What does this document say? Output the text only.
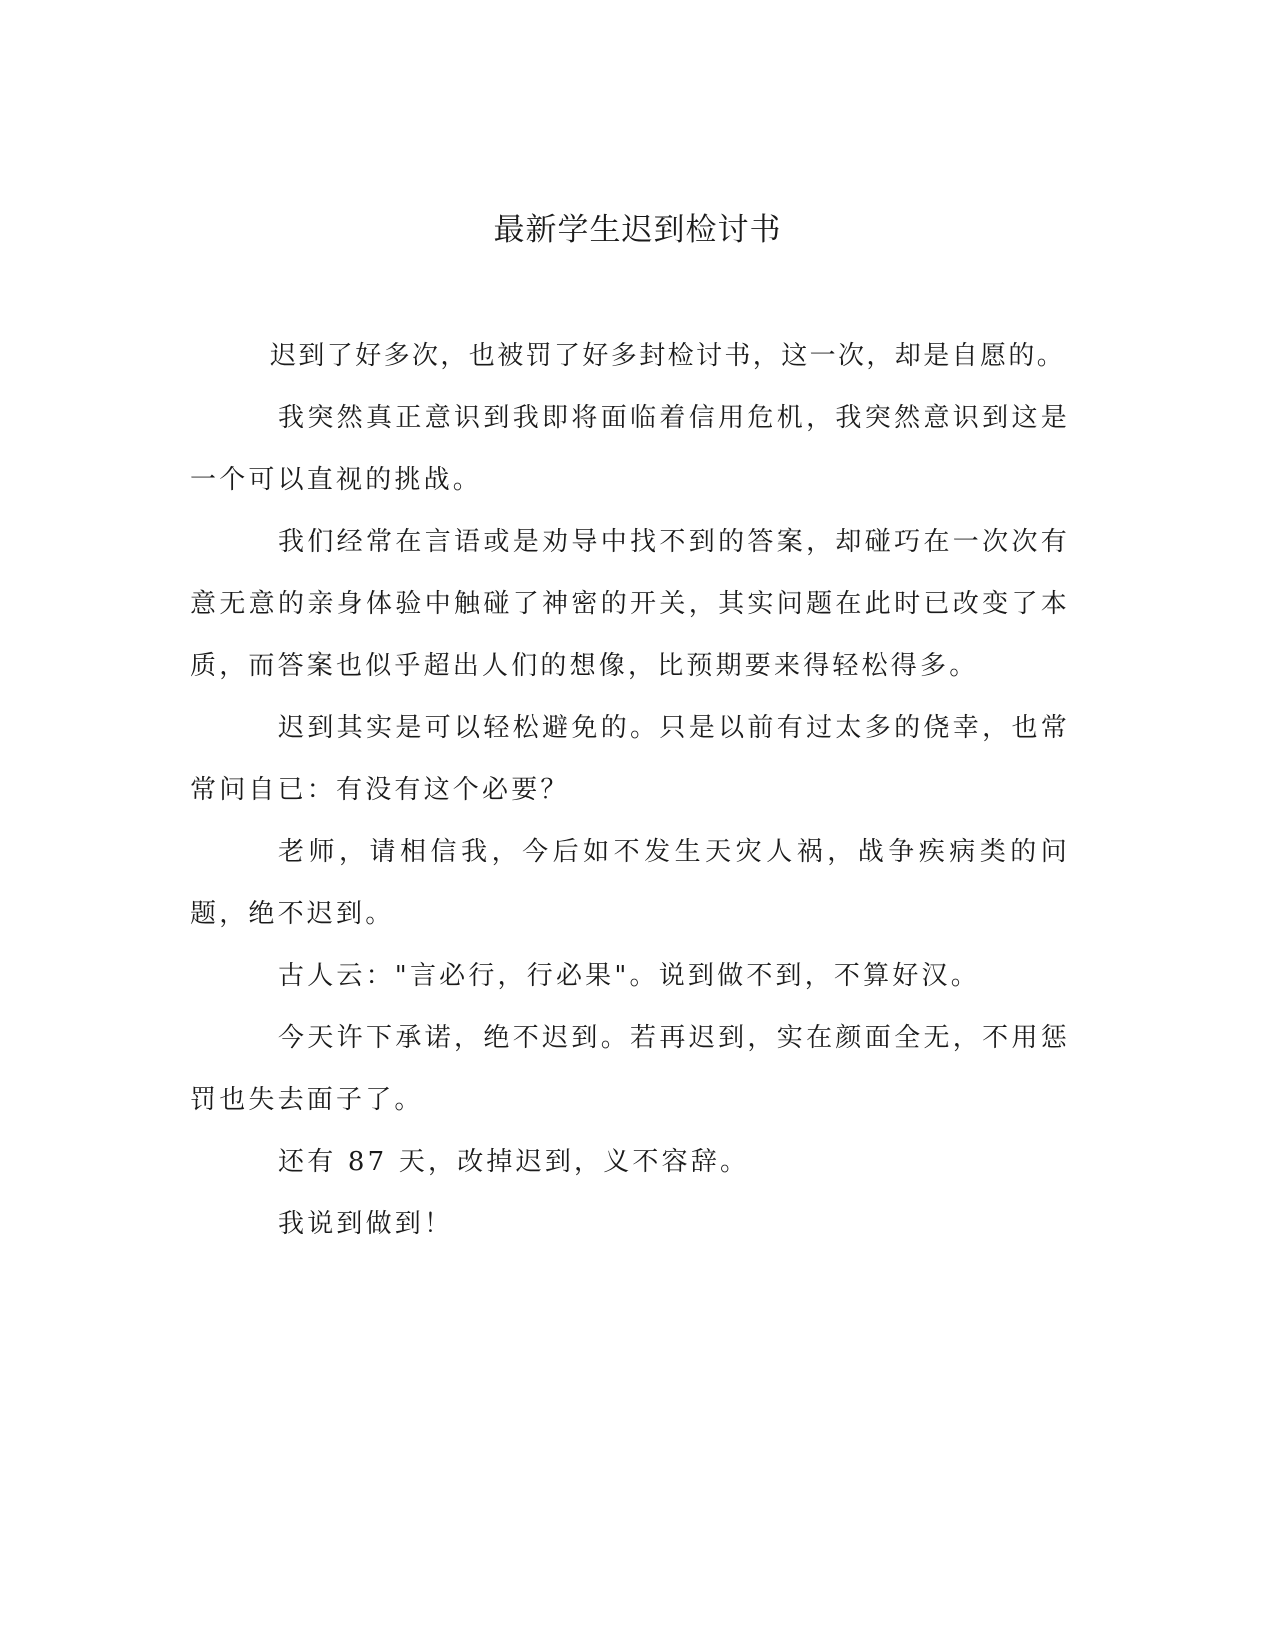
最新学生迟到检讨书

迟到了好多次，也被罚了好多封检讨书，这一次，却是自愿的。

我突然真正意识到我即将面临着信用危机，我突然意识到这是一个可以直视的挑战。

我们经常在言语或是劝导中找不到的答案，却碰巧在一次次有意无意的亲身体验中触碰了神密的开关，其实问题在此时已改变了本质，而答案也似乎超出人们的想像，比预期要来得轻松得多。

迟到其实是可以轻松避免的。只是以前有过太多的侥幸，也常常问自已：有没有这个必要？

老师，请相信我，今后如不发生天灾人祸，战争疾病类的问题，绝不迟到。

古人云："言必行，行必果"。说到做不到，不算好汉。

今天许下承诺，绝不迟到。若再迟到，实在颜面全无，不用惩罚也失去面子了。

还有 87 天，改掉迟到，义不容辞。

我说到做到！
